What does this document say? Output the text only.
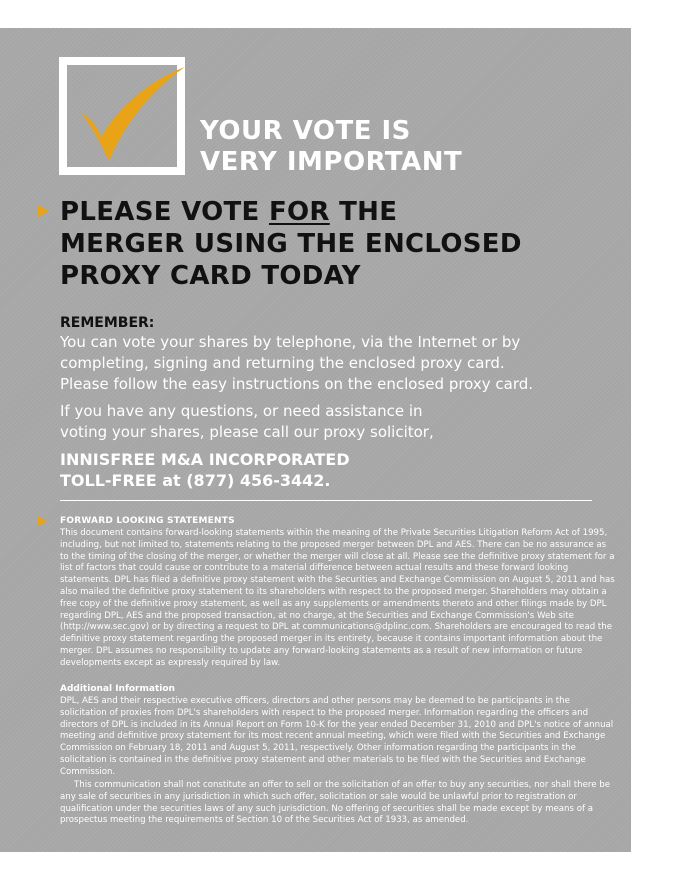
YOUR VOTE IS
VERY IMPORTANT
PLEASE VOTE FOR THE
MERGER USING THE ENCLOSED
PROXY CARD TODAY
REMEMBER:
You can vote your shares by telephone, via the Internet or by
completing, signing and returning the enclosed proxy card.
Please follow the easy instructions on the enclosed proxy card.
If you have any questions, or need assistance in
voting your shares, please call our proxy solicitor,
INNISFREE M&A INCORPORATED
TOLL-FREE at (877) 456-3442.
FORWARD LOOKING STATEMENTS
This document contains forward-looking statements within the meaning of the Private Securities Litigation Reform Act of 1995, including, but not limited to, statements relating to the proposed merger between DPL and AES. There can be no assurance as to the timing of the closing of the merger, or whether the merger will close at all. Please see the definitive proxy statement for a list of factors that could cause or contribute to a material difference between actual results and these forward looking statements. DPL has filed a definitive proxy statement with the Securities and Exchange Commission on August 5, 2011 and has also mailed the definitive proxy statement to its shareholders with respect to the proposed merger. Shareholders may obtain a free copy of the definitive proxy statement, as well as any supplements or amendments thereto and other filings made by DPL regarding DPL, AES and the proposed transaction, at no charge, at the Securities and Exchange Commission's Web site (http://www.sec.gov) or by directing a request to DPL at communications@dplinc.com. Shareholders are encouraged to read the definitive proxy statement regarding the proposed merger in its entirety, because it contains important information about the merger. DPL assumes no responsibility to update any forward-looking statements as a result of new information or future developments except as expressly required by law.
Additional Information
DPL, AES and their respective executive officers, directors and other persons may be deemed to be participants in the solicitation of proxies from DPL's shareholders with respect to the proposed merger. Information regarding the officers and directors of DPL is included in its Annual Report on Form 10-K for the year ended December 31, 2010 and DPL's notice of annual meeting and definitive proxy statement for its most recent annual meeting, which were filed with the Securities and Exchange Commission on February 18, 2011 and August 5, 2011, respectively. Other information regarding the participants in the solicitation is contained in the definitive proxy statement and other materials to be filed with the Securities and Exchange Commission.
This communication shall not constitute an offer to sell or the solicitation of an offer to buy any securities, nor shall there be any sale of securities in any jurisdiction in which such offer, solicitation or sale would be unlawful prior to registration or qualification under the securities laws of any such jurisdiction. No offering of securities shall be made except by means of a prospectus meeting the requirements of Section 10 of the Securities Act of 1933, as amended.
